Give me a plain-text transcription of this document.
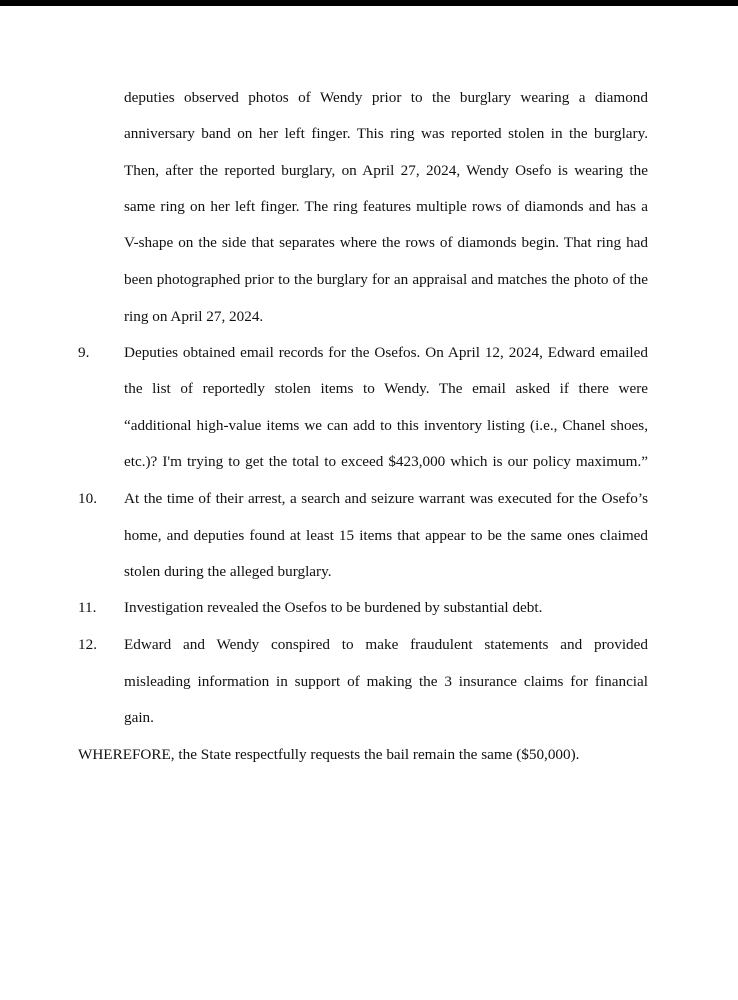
deputies observed photos of Wendy prior to the burglary wearing a diamond
anniversary band on her left finger. This ring was reported stolen in the burglary.
Then, after the reported burglary, on April 27, 2024, Wendy Osefo is wearing the
same ring on her left finger. The ring features multiple rows of diamonds and has a
V-shape on the side that separates where the rows of diamonds begin. That ring had
been photographed prior to the burglary for an appraisal and matches the photo of the
ring on April 27, 2024.
9. Deputies obtained email records for the Osefos. On April 12, 2024, Edward emailed
the list of reportedly stolen items to Wendy. The email asked if there were
“additional high-value items we can add to this inventory listing (i.e., Chanel shoes,
etc.)? I'm trying to get the total to exceed $423,000 which is our policy maximum.”
10. At the time of their arrest, a search and seizure warrant was executed for the Osefo’s
home, and deputies found at least 15 items that appear to be the same ones claimed
stolen during the alleged burglary.
11. Investigation revealed the Osefos to be burdened by substantial debt.
12. Edward and Wendy conspired to make fraudulent statements and provided
misleading information in support of making the 3 insurance claims for financial
gain.
WHEREFORE, the State respectfully requests the bail remain the same ($50,000).
